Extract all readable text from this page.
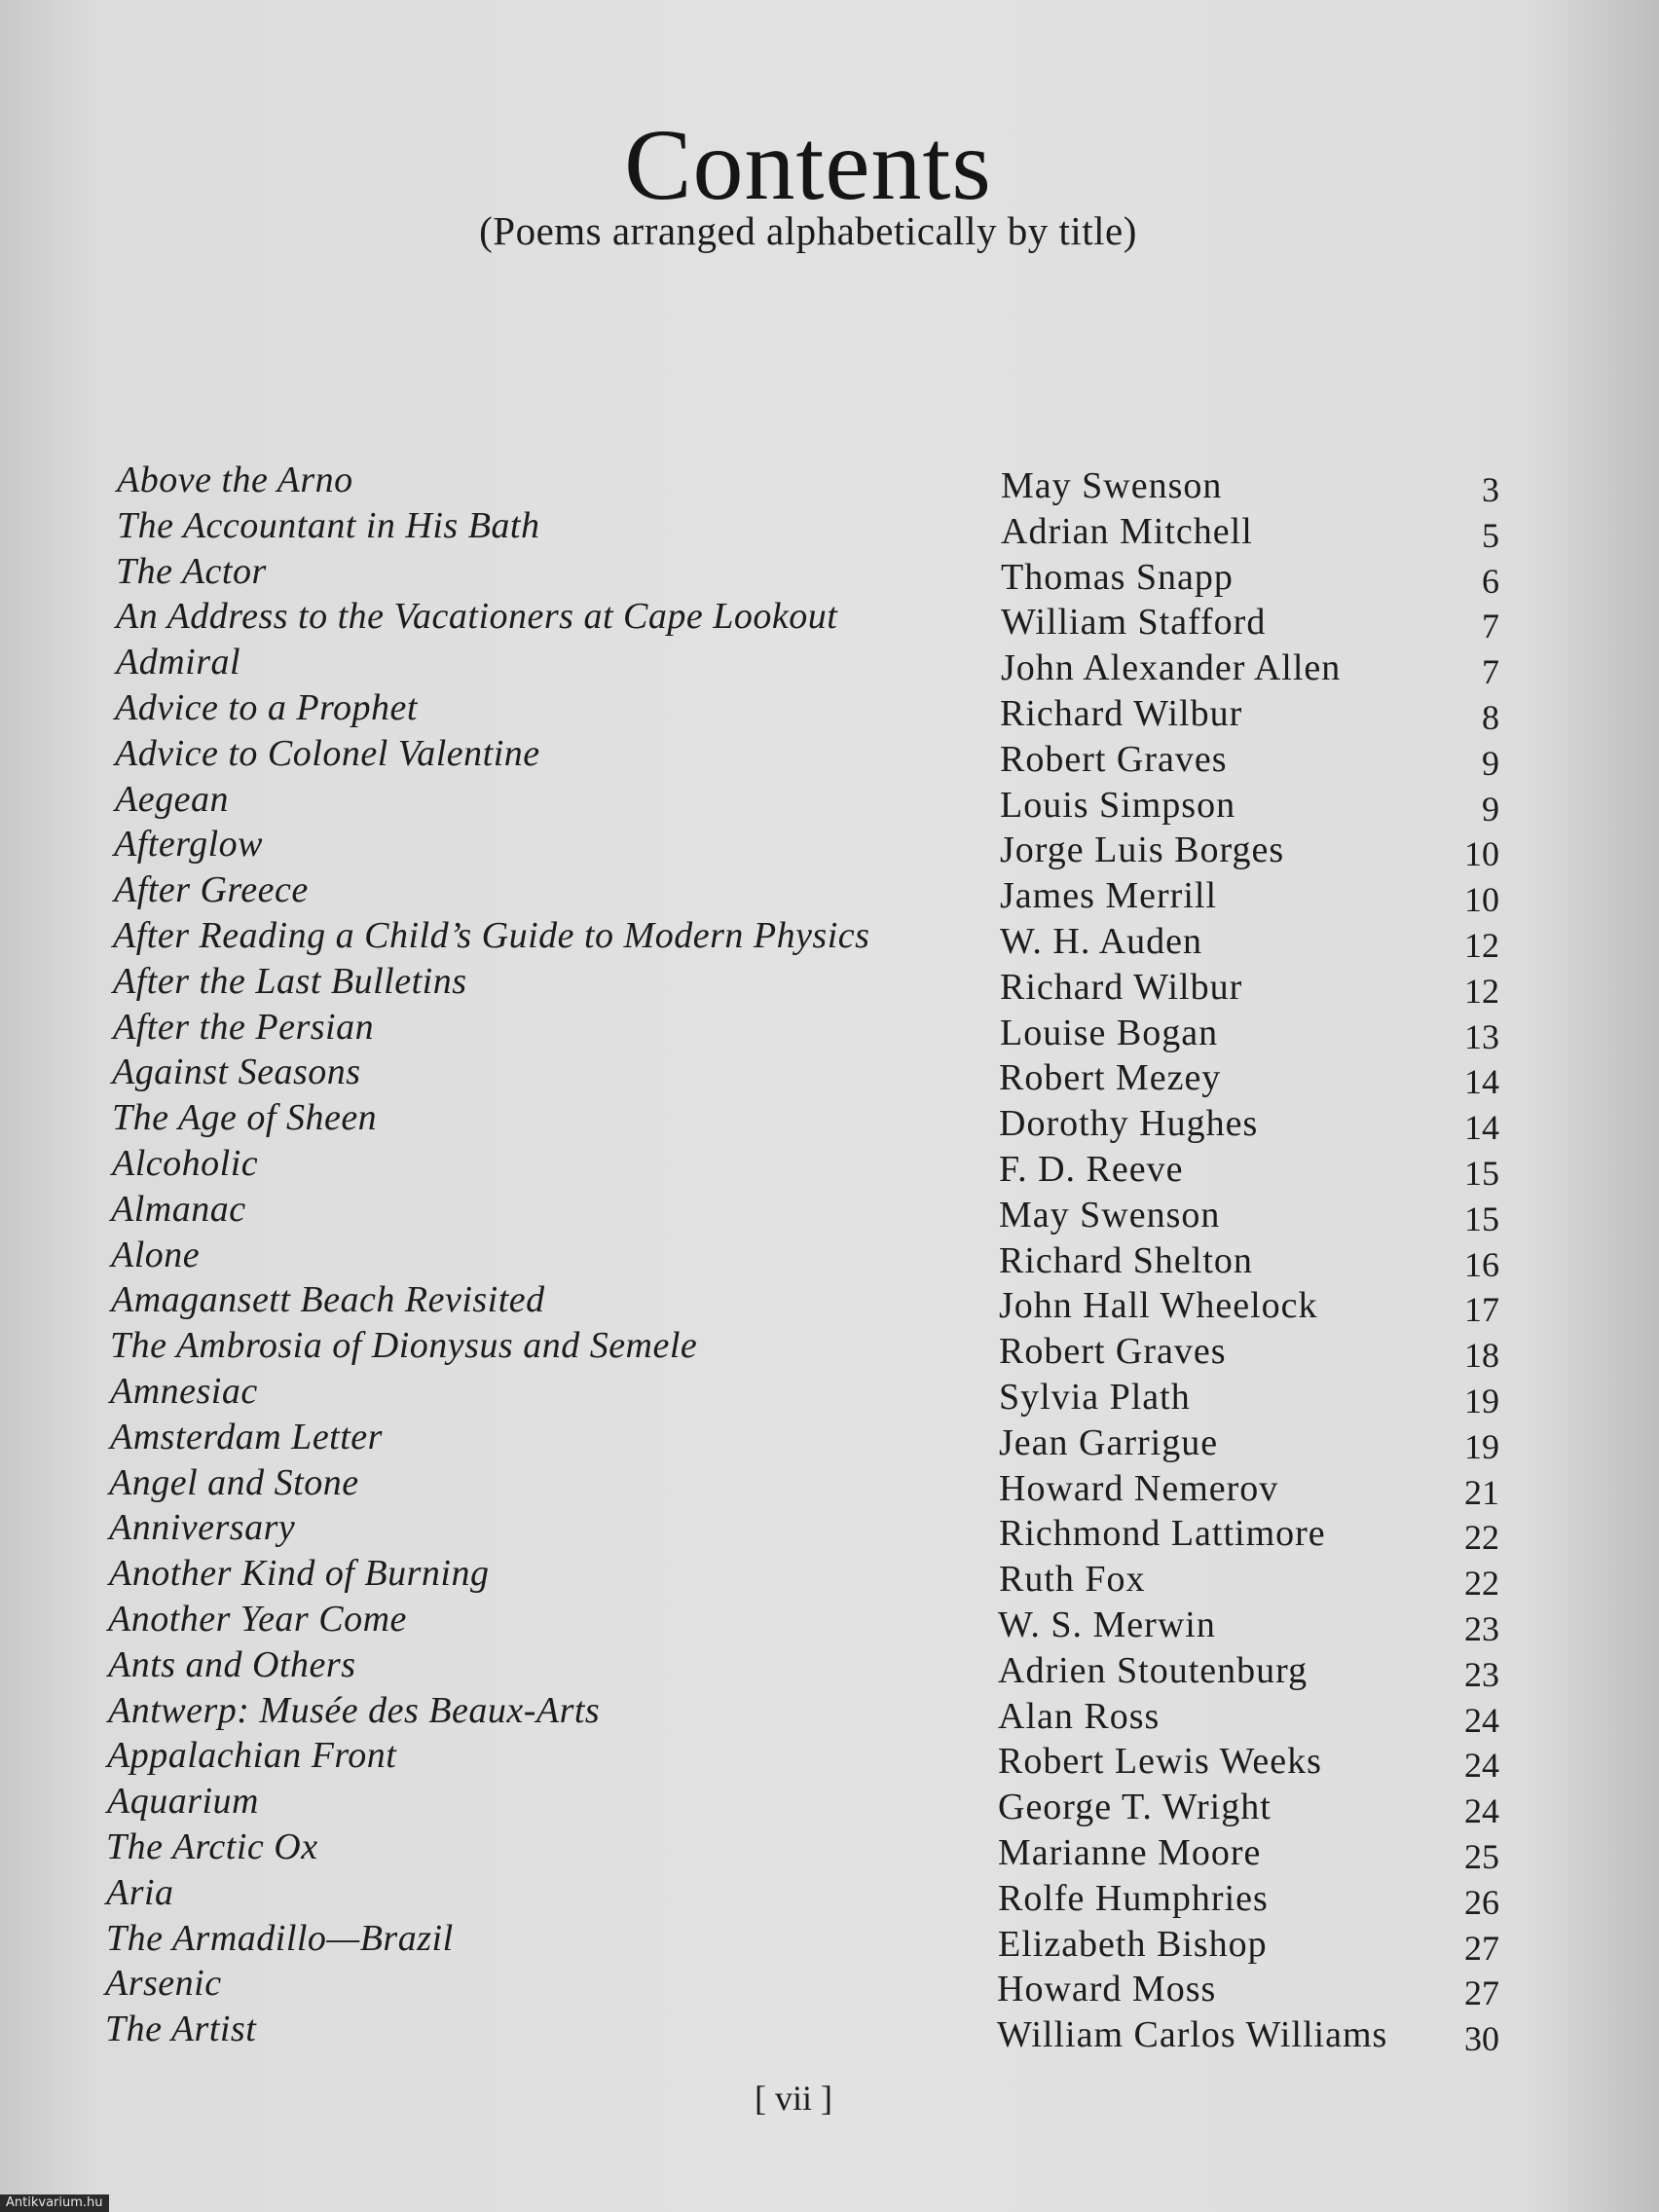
Contents
(Poems arranged alphabetically by title)
Above the Arno	May Swenson	3
The Accountant in His Bath	Adrian Mitchell	5
The Actor	Thomas Snapp	6
An Address to the Vacationers at Cape Lookout	William Stafford	7
Admiral	John Alexander Allen	7
Advice to a Prophet	Richard Wilbur	8
Advice to Colonel Valentine	Robert Graves	9
Aegean	Louis Simpson	9
Afterglow	Jorge Luis Borges	10
After Greece	James Merrill	10
After Reading a Child’s Guide to Modern Physics	W. H. Auden	12
After the Last Bulletins	Richard Wilbur	12
After the Persian	Louise Bogan	13
Against Seasons	Robert Mezey	14
The Age of Sheen	Dorothy Hughes	14
Alcoholic	F. D. Reeve	15
Almanac	May Swenson	15
Alone	Richard Shelton	16
Amagansett Beach Revisited	John Hall Wheelock	17
The Ambrosia of Dionysus and Semele	Robert Graves	18
Amnesiac	Sylvia Plath	19
Amsterdam Letter	Jean Garrigue	19
Angel and Stone	Howard Nemerov	21
Anniversary	Richmond Lattimore	22
Another Kind of Burning	Ruth Fox	22
Another Year Come	W. S. Merwin	23
Ants and Others	Adrien Stoutenburg	23
Antwerp: Musée des Beaux-Arts	Alan Ross	24
Appalachian Front	Robert Lewis Weeks	24
Aquarium	George T. Wright	24
The Arctic Ox	Marianne Moore	25
Aria	Rolfe Humphries	26
The Armadillo—Brazil	Elizabeth Bishop	27
Arsenic	Howard Moss	27
The Artist	William Carlos Williams	30
[ vii ]
Antikvarium.hu
